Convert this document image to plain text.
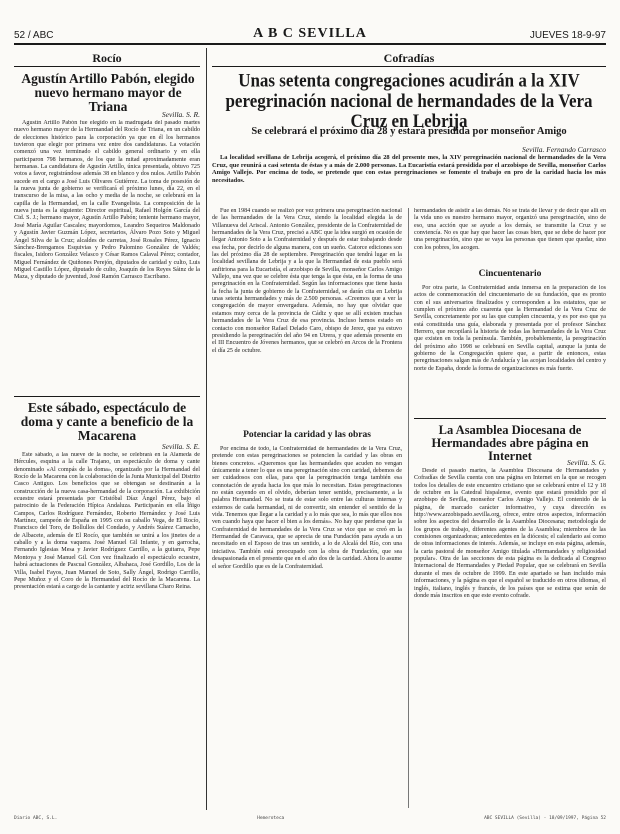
52 / ABC	A B C SEVILLA	JUEVES 18-9-97
Rocío
Agustín Artillo Pabón, elegido nuevo hermano mayor de Triana
Sevilla. S. R.

Agustín Artillo Pabón fue elegido en la madrugada del pasado martes nuevo hermano mayor de la Hermandad del Rocío de Triana, en un cabildo de elecciones histórico para la corporación ya que en él los hermanos tuvieron que elegir por primera vez entre dos candidaturas. La votación comenzó una vez terminado el cabildo general ordinario y en ella participaron 798 hermanos, de los que la mitad aproximadamente eran hermanas. La candidatura de Agustín Artillo, única presentada, obtuvo 725 votos a favor, registrándose además 38 en blanco y dos nulos. Artillo Pabón sucede en el cargo a José Luis Olivares Gutiérrez. La toma de posesión de la nueva junta de gobierno se verificará el próximo lunes, día 22, en el transcurso de la misa, a las ocho y media de la noche, se celebrará en la capilla de la Hermandad, en la calle Evangelista. La composición de la nueva junta es la siguiente: Director espiritual, Rafael Holgón García del Cid. S. J.; hermano mayor, Agustín Artillo Pabón; teniente hermano mayor, José María Aguilar Cascales; mayordomos, Leandro Sequeiros Maldonado y Agustín Javier Guzmán López, secretarios, Álvaro Pozo Soto y Miguel Ángel Silva de la Cruz; alcaldes de carretas, José Rosales Pérez, Ignacio Sánchez-Brengamos Esquivias y Pedro Palomino González de Valdés; fiscales, Isidoro González Velasco y César Ramos Calaval Pérez; contador, Miguel Fernández de Quiñones Perejón, diputados de caridad y culto, Luis Miguel Castillo López, diputado de culto, Joaquín de los Reyes Sáinz de la Maza, y diputado de juventud, José Ramón Carrasco Escribano.

Este sábado, espectáculo de doma y cante a beneficio de la Macarena
Sevilla. S. E.

Este sábado, a las nueve de la noche, se celebrará en la Alameda de Hércules, esquina a la calle Trajano, un espectáculo de doma y cante denominado «Al compás de la doma», organizado por la Hermandad del Rocío de la Macarena con la colaboración de la Junta Municipal del Distrito Casco Antiguo. Los beneficios que se obtengan se destinarán a la construcción de la nueva casa-hermandad de la corporación. La exhibición ecuestre estará presentada por Cristóbal Díaz Ángel Pérez, bajo el patrocinio de la Federación Hípica Andaluza. Participarán en ella Íñigo Campos, Carlos Rodríguez Fernández, Roberto Hernández y José Luis Martínez, campeón de España en 1995 con su caballo Vega, de El Rocío, Francisco del Toro, de Bollullos del Condado, y Andrés Suárez Camacho, de Albacete, además de El Rocío, que también se unirá a los jinetes de a caballo y a la doma vaquera. José Manuel Gil Infante, y en garrocha, Fernando Iglesias Mesa y Javier Rodríguez Carrillo, a la guitarra, Pepe Montoya y José Manuel Gil. Con vez finalizado el espectáculo ecuestre, habrá actuaciones de Pascual González, Albahaca, José Gordillo, Los de la Villa, Isabel Fayos, Juan Manuel de Soto, Sally Ángel, Rodrigo Carrillo, Pepe Muñoz y el Coro de la Hermandad del Rocío de la Macarena. La presentación estará a cargo de la cantante y actriz sevillana Charo Reina.

Cofradías
Unas setenta congregaciones acudirán a la XIV peregrinación nacional de hermandades de la Vera Cruz en Lebrija
Se celebrará el próximo día 28 y estará presidida por monseñor Amigo
Sevilla. Fernando Carrasco

La localidad sevillana de Lebrija acogerá, el próximo día 28 del presente mes, la XIV peregrinación nacional de hermandades de la Vera Cruz, que reunirá a casi setenta de éstas y a más de 2.000 personas. La Eucaristía estará presidida por el arzobispo de Sevilla, monseñor Carlos Amigo Vallejo. Por encima de todo, se pretende que con estas peregrinaciones se fomente el trabajo en pro de la caridad hacia los más necesitados.

Fue en 1984 cuando se realizó por vez primera una peregrinación nacional de las hermandades de la Vera Cruz, siendo la localidad elegida la de Villanueva del Ariscal. Antonio González, presidente de la Confraternidad de hermandades de la Vera Cruz, precisó a ABC que la idea surgió en ocasión de llegar Antonio Soto a la Confraternidad y después de estar trabajando desde esa fecha, por decirlo de alguna manera, con un sueño. Catorce ediciones son las del próximo día 28 de septiembre. Peregrinación que tendrá lugar en la localidad sevillana de Lebrija y a la que la Hermandad de esta pueblo será anfitriona para la Eucaristía, el arzobispo de Sevilla, monseñor Carlos Amigo Vallejo, una vez que se celebre ésta que tenga la que ésta, en la forma de una peregrinación en la Confraternidad. Según las informaciones que tiene hasta la fecha la junta de gobierno de la Confraternidad, se darán cita en Lebrija unas setenta hermandades y más de 2.500 personas. «Creemos que a ver la congregación de mayor envergadura. Además, no hay que olvidar que estamos muy cerca de la provincia de Cádiz y que se allí existen muchas hermandades de la Vera Cruz de esa provincia. Incluso hemos estado en contacto con monseñor Rafael Delado Caro, obispo de Jerez, que ya estuvo presidiendo la peregrinación del año 94 en Utrera, y que además presente en el III Encuentro de Jóvenes hermanos, que se celebró en Arcos de la Frontera el día 25 de octubre.

Potenciar la caridad y las obras

Por encima de todo, la Confraternidad de hermandades de la Vera Cruz, pretende con estas peregrinaciones se potencien la caridad y las obras en bienes concretos. «Queremos que las hermandades que acuden no vengan únicamente a tener lo que es una peregrinación sino con caridad, debemos de ser cuidadosos con ellas, para que la peregrinación tenga también esa connotación de ayuda hacia los que más lo necesitan. Estas peregrinaciones no están cayendo en el olvido, deberían tener sentido, precisamente, a la palabra Hermandad. No se trata de estar solo entre las culturas internas y externos de cada hermandad, ni de convertir, sin entender el sentido de la vida. Tenemos que llegar a la caridad y a lo más que sea, lo más que ellos nos ven cuando haya que hacer el bien a los demás». No hay que perderse que la Confraternidad de hermandades de la Vera Cruz se vice que se creó en la Hermandad de Caravaca, que se aprecia de una Fundación para ayuda a un necesitado en el Esposo de tras un sentido, a lo de Alcalá del Río, con una iniciativa. También está preocupado con la obra de Fundación, que sea desapasionada en el presente que en el año dos de la caridad. Ahora lo asume el señor Gordillo que es de la Confraternidad.

hermandades de asistir a las demás. No se trata de llevar y de decir que allí en la vida uno es nuestro hermano mayor, organizó una peregrinación, sino de eso, una acción que se ayude a los demás, se transmite la Cruz y se conviencía. No es que hay que hacer las cosas bien, que se debe de hacer por una peregrinación, sino que se vaya las personas que tienen que quedar, sino con los pobres, los acogen.

Cincuentenario

Por otra parte, la Confraternidad anda inmersa en la preparación de los actos de conmemoración del cincuentenario de su fundación, que es pronto con el sus aniversarios finalizados y corresponden a los estatutos, que se cumplen el próximo año cuarenta que la Hermandad de la Vera Cruz de Sevilla, concretamente por su las que cumplen cincuenta, y es por eso que ya está constituida una guía, elaborada y presentada por el profesor Sánchez Herrero, que recopilará la historia de todas las hermandades de la Vera Cruz que existen en toda la península. También, probablemente, la peregrinación del próximo año 1998 se celebrará en Sevilla capital, aunque la junta de gobierno de la Congregación quiere que, a partir de entonces, estas peregrinaciones salgan más de Andalucía y las acojan localidades del centro y norte de España, donde la forma de organizaciones es más fuerte.

La Asamblea Diocesana de Hermandades abre página en Internet	Sevilla. S. G.

Desde el pasado martes, la Asamblea Diocesana de Hermandades y Cofradías de Sevilla cuenta con una página en Internet en la que se recogen todos los detalles de este encuentro cristiano que se celebrará entre el 12 y 18 de octubre en la Catedral hispalense, evento que estará presidido por el arzobispo de Sevilla, monseñor Carlos Amigo Vallejo. El contenido de la página, de marcado carácter informativo, y cuya dirección es http://www.arzobispado.sevilla.org, ofrece, entre otros aspectos, información sobre los aspectos del desarrollo de la Asamblea Diocesana; metodología de los grupos de trabajo, diferentes agentes de la Asamblea; miembros de las comisiones organizadoras; antecedentes en la diócesis; el calendario así como de otras informaciones de interés. Además, se incluye en esta página, además, la carta pastoral de monseñor Amigo titulada «Hermandades y religiosidad popular». Otra de las secciones de esta página es la dedicada al Congreso Internacional de Hermandades y Piedad Popular, que se celebrará en Sevilla durante el mes de octubre de 1999. En este apartado se han incluido más informaciones, y la página es que el español se traducido en otros idiomas, el inglés, italiano, inglés y francés, de los países que se estima que serán de donde más inscritos en que este evento cofrade.

Diario ABC, S.L.	Hemeroteca	ABC SEVILLA (Sevilla) - 18/09/1997, Página 52
